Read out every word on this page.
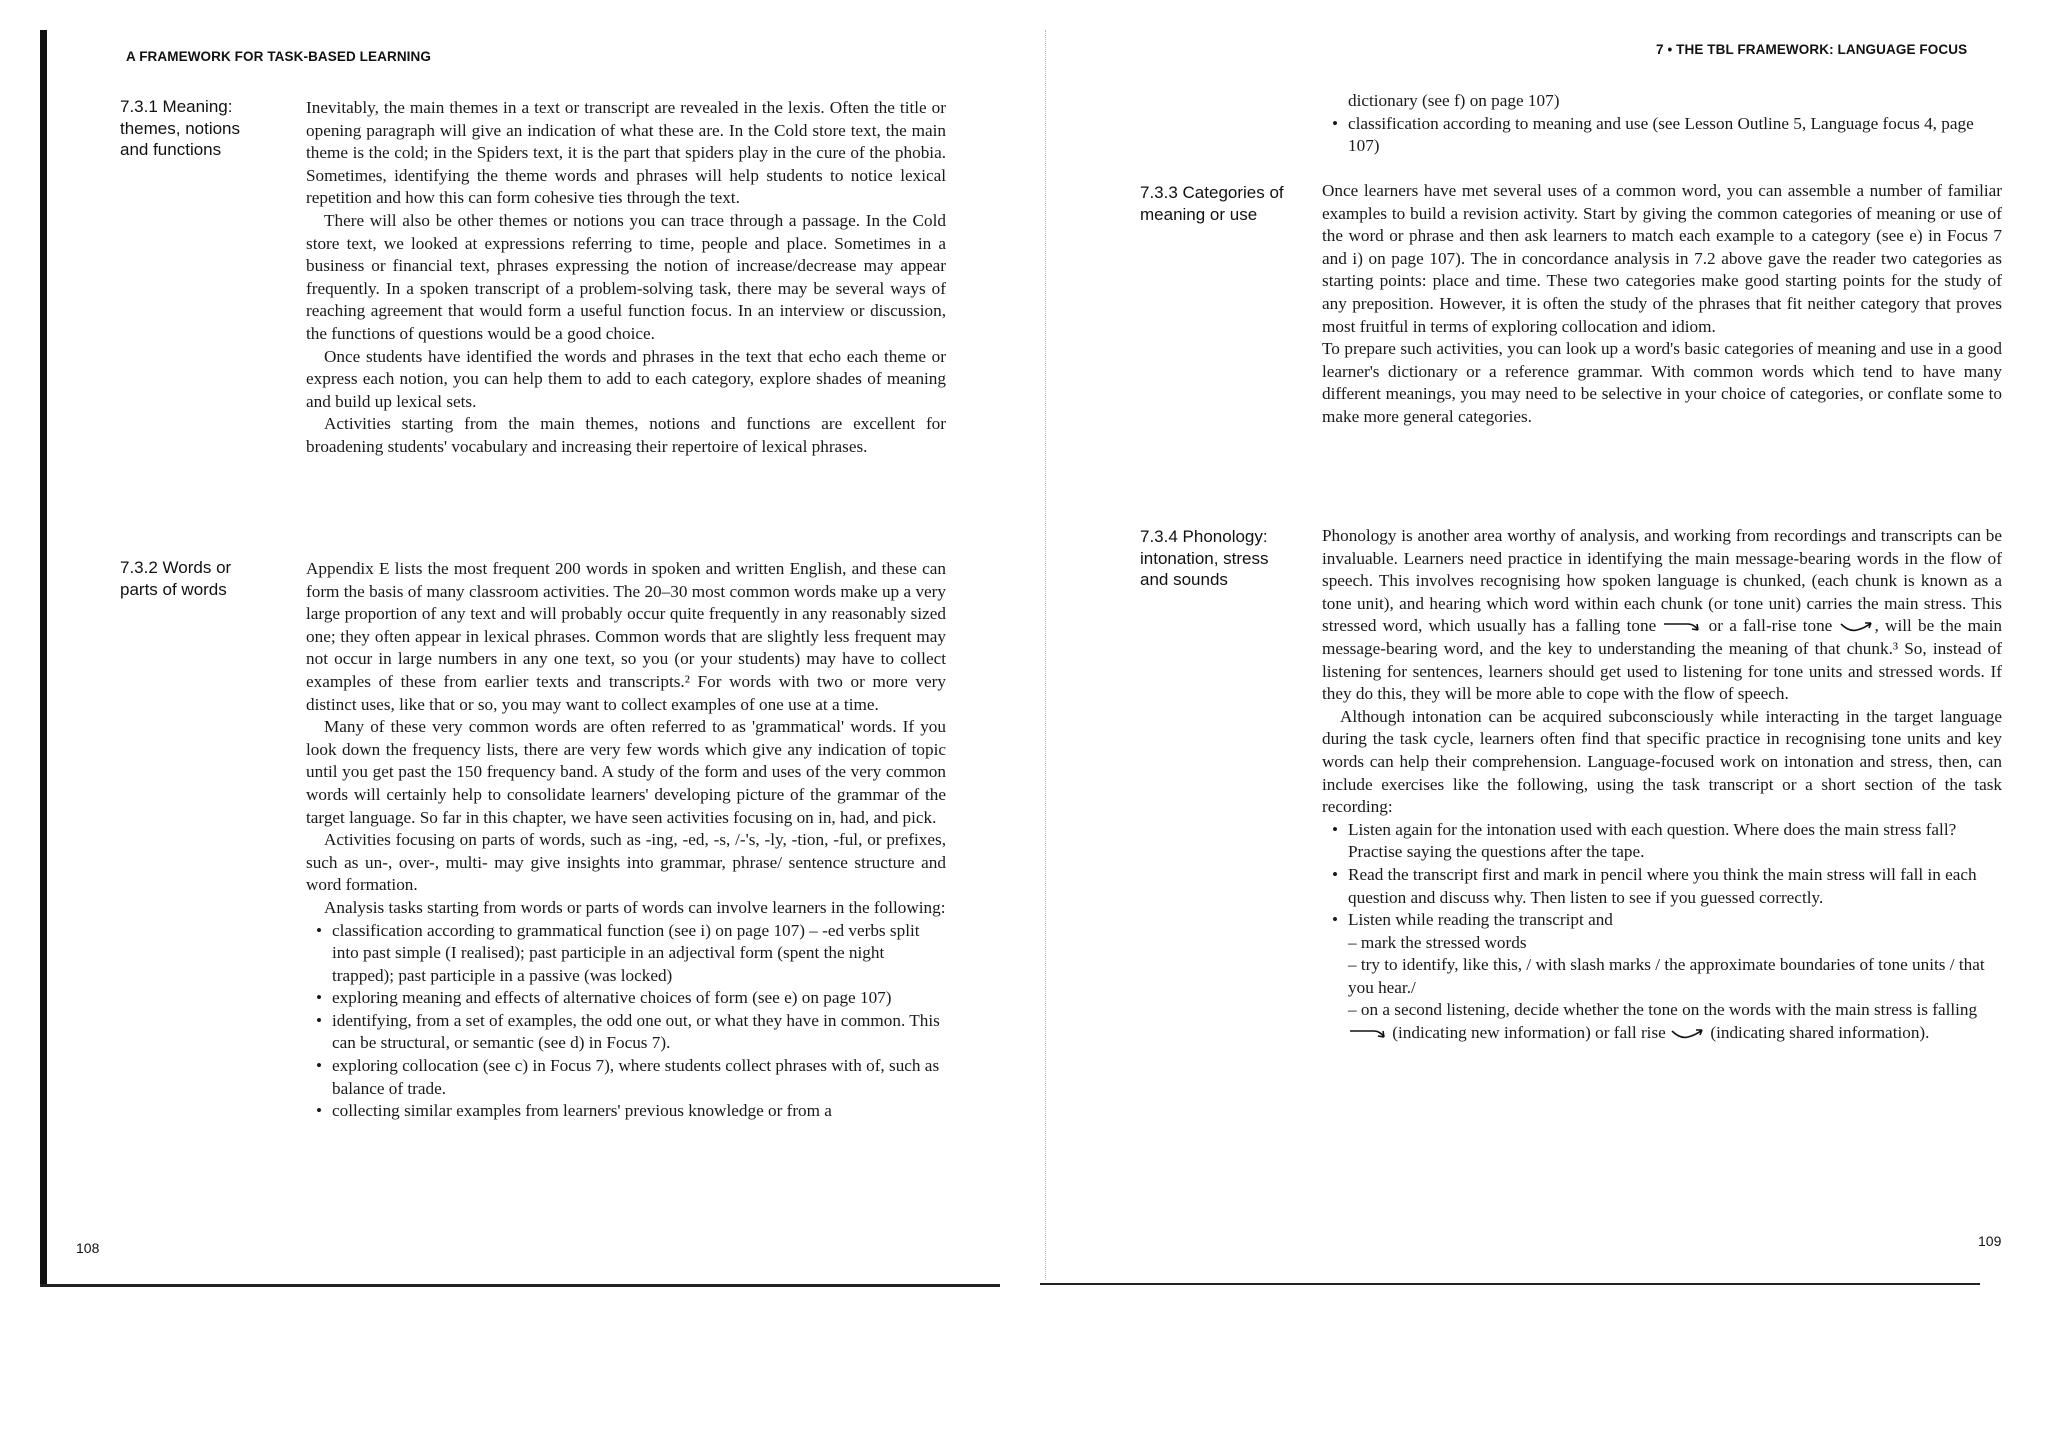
A FRAMEWORK FOR TASK-BASED LEARNING
7.3.1 Meaning:
themes, notions
and functions

Inevitably, the main themes in a text or transcript are revealed in the lexis. Often the title or opening paragraph will give an indication of what these are. In the Cold store text, the main theme is the cold; in the Spiders text, it is the part that spiders play in the cure of the phobia. Sometimes, identifying the theme words and phrases will help students to notice lexical repetition and how this can form cohesive ties through the text.

There will also be other themes or notions you can trace through a passage. In the Cold store text, we looked at expressions referring to time, people and place. Sometimes in a business or financial text, phrases expressing the notion of increase/decrease may appear frequently. In a spoken transcript of a problem-solving task, there may be several ways of reaching agreement that would form a useful function focus. In an interview or discussion, the functions of questions would be a good choice.

Once students have identified the words and phrases in the text that echo each theme or express each notion, you can help them to add to each category, explore shades of meaning and build up lexical sets.

Activities starting from the main themes, notions and functions are excellent for broadening students' vocabulary and increasing their repertoire of lexical phrases.

7.3.2 Words or
parts of words

Appendix E lists the most frequent 200 words in spoken and written English, and these can form the basis of many classroom activities. The 20–30 most common words make up a very large proportion of any text and will probably occur quite frequently in any reasonably sized one; they often appear in lexical phrases. Common words that are slightly less frequent may not occur in large numbers in any one text, so you (or your students) may have to collect examples of these from earlier texts and transcripts.² For words with two or more very distinct uses, like that or so, you may want to collect examples of one use at a time.

Many of these very common words are often referred to as 'grammatical' words. If you look down the frequency lists, there are very few words which give any indication of topic until you get past the 150 frequency band. A study of the form and uses of the very common words will certainly help to consolidate learners' developing picture of the grammar of the target language. So far in this chapter, we have seen activities focusing on in, had, and pick.

Activities focusing on parts of words, such as -ing, -ed, -s, /-'s, -ly, -tion, -ful, or prefixes, such as un-, over-, multi- may give insights into grammar, phrase/ sentence structure and word formation.

Analysis tasks starting from words or parts of words can involve learners in the following:

• classification according to grammatical function (see i) on page 107) – -ed verbs split into past simple (I realised); past participle in an adjectival form (spent the night trapped); past participle in a passive (was locked)
• exploring meaning and effects of alternative choices of form (see e) on page 107)
• identifying, from a set of examples, the odd one out, or what they have in common. This can be structural, or semantic (see d) in Focus 7).
• exploring collocation (see c) in Focus 7), where students collect phrases with of, such as balance of trade.
• collecting similar examples from learners' previous knowledge or from a
108
7 • THE TBL FRAMEWORK: LANGUAGE FOCUS

dictionary (see f) on page 107)

• classification according to meaning and use (see Lesson Outline 5, Language focus 4, page 107)
7.3.3 Categories of
meaning or use

Once learners have met several uses of a common word, you can assemble a number of familiar examples to build a revision activity. Start by giving the common categories of meaning or use of the word or phrase and then ask learners to match each example to a category (see e) in Focus 7 and i) on page 107). The in concordance analysis in 7.2 above gave the reader two categories as starting points: place and time. These two categories make good starting points for the study of any preposition. However, it is often the study of the phrases that fit neither category that proves most fruitful in terms of exploring collocation and idiom.

To prepare such activities, you can look up a word's basic categories of meaning and use in a good learner's dictionary or a reference grammar. With common words which tend to have many different meanings, you may need to be selective in your choice of categories, or conflate some to make more general categories.

7.3.4 Phonology:
intonation, stress
and sounds

Phonology is another area worthy of analysis, and working from recordings and transcripts can be invaluable. Learners need practice in identifying the main message-bearing words in the flow of speech. This involves recognising how spoken language is chunked, (each chunk is known as a tone unit), and hearing which word within each chunk (or tone unit) carries the main stress. This stressed word, which usually has a falling tone	or a fall-rise tone , will be the main message-bearing word, and the key to understanding the meaning of that chunk.³ So, instead of listening for sentences, learners should get used to listening for tone units and stressed words. If they do this, they will be more able to cope with the flow of speech.

Although intonation can be acquired subconsciously while interacting in the target language during the task cycle, learners often find that specific practice in recognising tone units and key words can help their comprehension. Language-focused work on intonation and stress, then, can include exercises like the following, using the task transcript or a short section of the task recording:

• Listen again for the intonation used with each question. Where does the main stress fall? Practise saying the questions after the tape.
• Read the transcript first and mark in pencil where you think the main stress will fall in each question and discuss why. Then listen to see if you guessed correctly.
• Listen while reading the transcript and
– mark the stressed words
– try to identify, like this, / with slash marks / the approximate boundaries of tone units / that you hear./
– on a second listening, decide whether the tone on the words with the main stress is falling  (indicating new information) or fall rise	(indicating shared information).
109
